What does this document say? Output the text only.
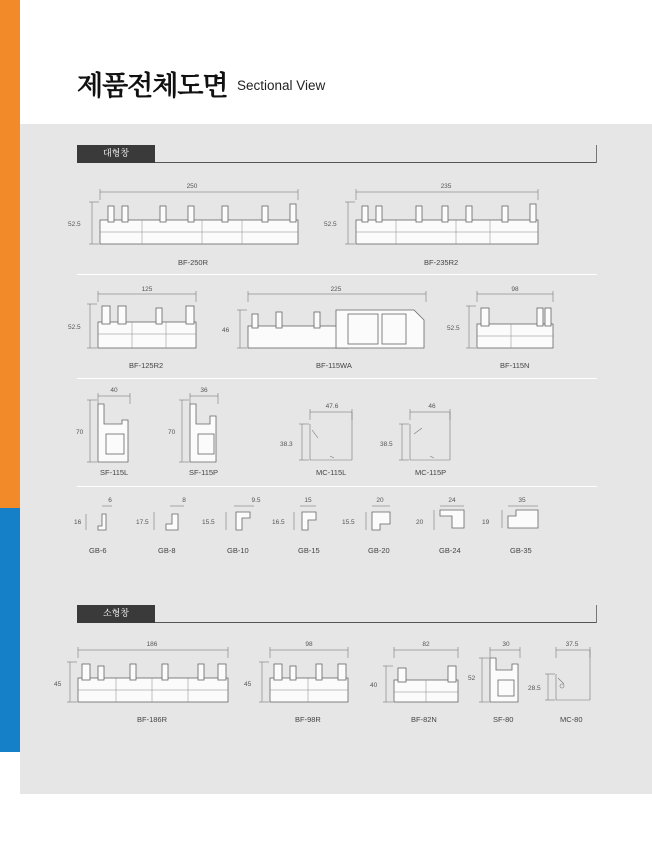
제품전체도면 Sectional View
대형창
소형창
250
52.5
BF-250R
235
52.5
BF-235R2
125
52.5
BF-125R2
225
46
BF-115WA
98
52.5
BF-115N
40
70
SF-115L
36
70
SF-115P
47.6
38.3
MC-115L
46
38.5
MC-115P
6
16
GB-6
8
17.5
GB-8
9.5
15.5
GB-10
15
16.5
GB-15
20
15.5
GB-20
24
20
GB-24
35
19
GB-35
186
45
BF-186R
98
45
BF-98R
82
40
BF-82N
30
52
SF-80
37.5
28.5
MC-80
